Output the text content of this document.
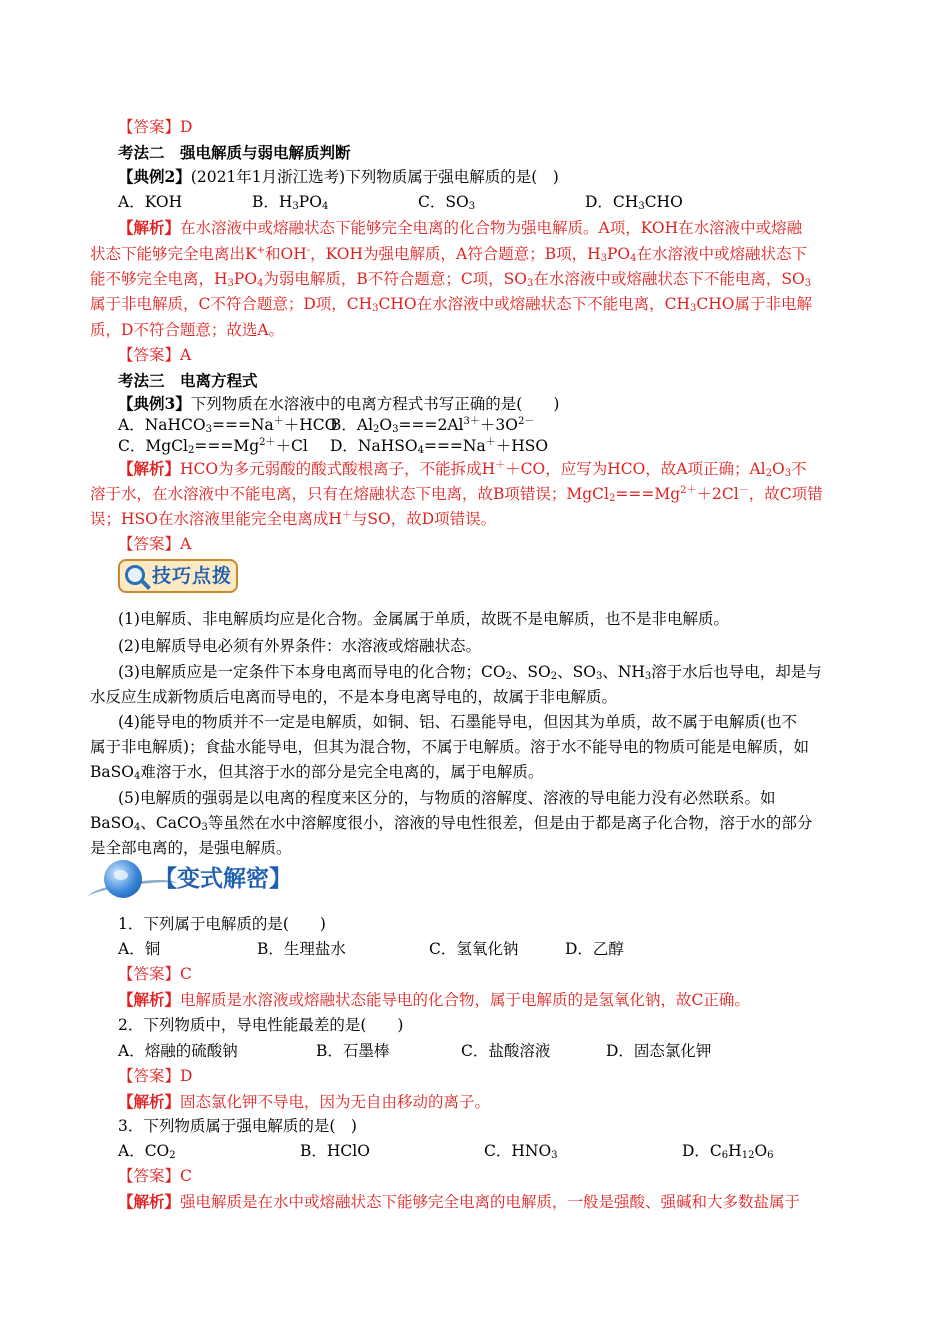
【答案】D
考法二　强电解质与弱电解质判断
【典例2】(2021年1月浙江选考)下列物质属于强电解质的是(　)
A．KOH	B．$H_3PO_4$	C．$SO_3$	D．$CH_3CHO$
【解析】在水溶液中或熔融状态下能够完全电离的化合物为强电解质。A项，KOH在水溶液中或熔融
状态下能够完全电离出K+和OH-，KOH为强电解质，A符合题意；B项，$H_3PO_4$在水溶液中或熔融状态下
能不够完全电离，$H_3PO_4$为弱电解质，B不符合题意；C项，$SO_3$在水溶液中或熔融状态下不能电离，$SO_3$
属于非电解质，C不符合题意；D项，$CH_3CHO$在水溶液中或熔融状态下不能电离，$CH_3CHO$属于非电解
质，D不符合题意；故选A。
【答案】A
考法三　电离方程式
【典例3】下列物质在水溶液中的电离方程式书写正确的是(　　)
A．NaHCO$_3$===Na＋＋HCO
B．$Al_2O_3===2Al^{3+}+3O^{2-}$
C．$MgCl_2===Mg^{2+}+Cl$ D．NaHSO$_4$===Na＋＋HSO
【解析】HCO为多元弱酸的酸式酸根离子，不能拆成H＋＋CO，应写为HCO，故A项正确；$Al_2O_3$不
溶于水，在水溶液中不能电离，只有在熔融状态下电离，故B项错误；$MgCl_2===Mg^{2+}+2Cl^-$，故C项错
误；HSO在水溶液里能完全电离成H＋与SO，故D项错误。
【答案】A
技巧点拨
(1)电解质、非电解质均应是化合物。金属属于单质，故既不是电解质，也不是非电解质。
(2)电解质导电必须有外界条件：水溶液或熔融状态。
(3)电解质应是一定条件下本身电离而导电的化合物；$CO_2$、$SO_2$、$SO_3$、$NH_3$溶于水后也导电，却是与
水反应生成新物质后电离而导电的，不是本身电离导电的，故属于非电解质。
(4)能导电的物质并不一定是电解质，如铜、铝、石墨能导电，但因其为单质，故不属于电解质(也不
属于非电解质)；食盐水能导电，但其为混合物，不属于电解质。溶于水不能导电的物质可能是电解质，如
BaSO$_4$难溶于水，但其溶于水的部分是完全电离的，属于电解质。
(5)电解质的强弱是以电离的程度来区分的，与物质的溶解度、溶液的导电能力没有必然联系。如
BaSO$_4$、CaCO$_3$等虽然在水中溶解度很小，溶液的导电性很差，但是由于都是离子化合物，溶于水的部分
是全部电离的，是强电解质。
【变式解密】
1．下列属于电解质的是(　　)
A．铜	B．生理盐水	C．氢氧化钠	D．乙醇
【答案】C
【解析】电解质是水溶液或熔融状态能导电的化合物，属于电解质的是氢氧化钠，故C正确。
2．下列物质中，导电性能最差的是(　　)
A．熔融的硫酸钠	B．石墨棒	C．盐酸溶液	D．固态氯化钾
【答案】D
【解析】固态氯化钾不导电，因为无自由移动的离子。
3．下列物质属于强电解质的是(　)
A．$CO_2$	B．HClO	C．$HNO_3$	D．$C_6H_{12}O_6$
【答案】C
【解析】强电解质是在水中或熔融状态下能够完全电离的电解质，一般是强酸、强碱和大多数盐属于
